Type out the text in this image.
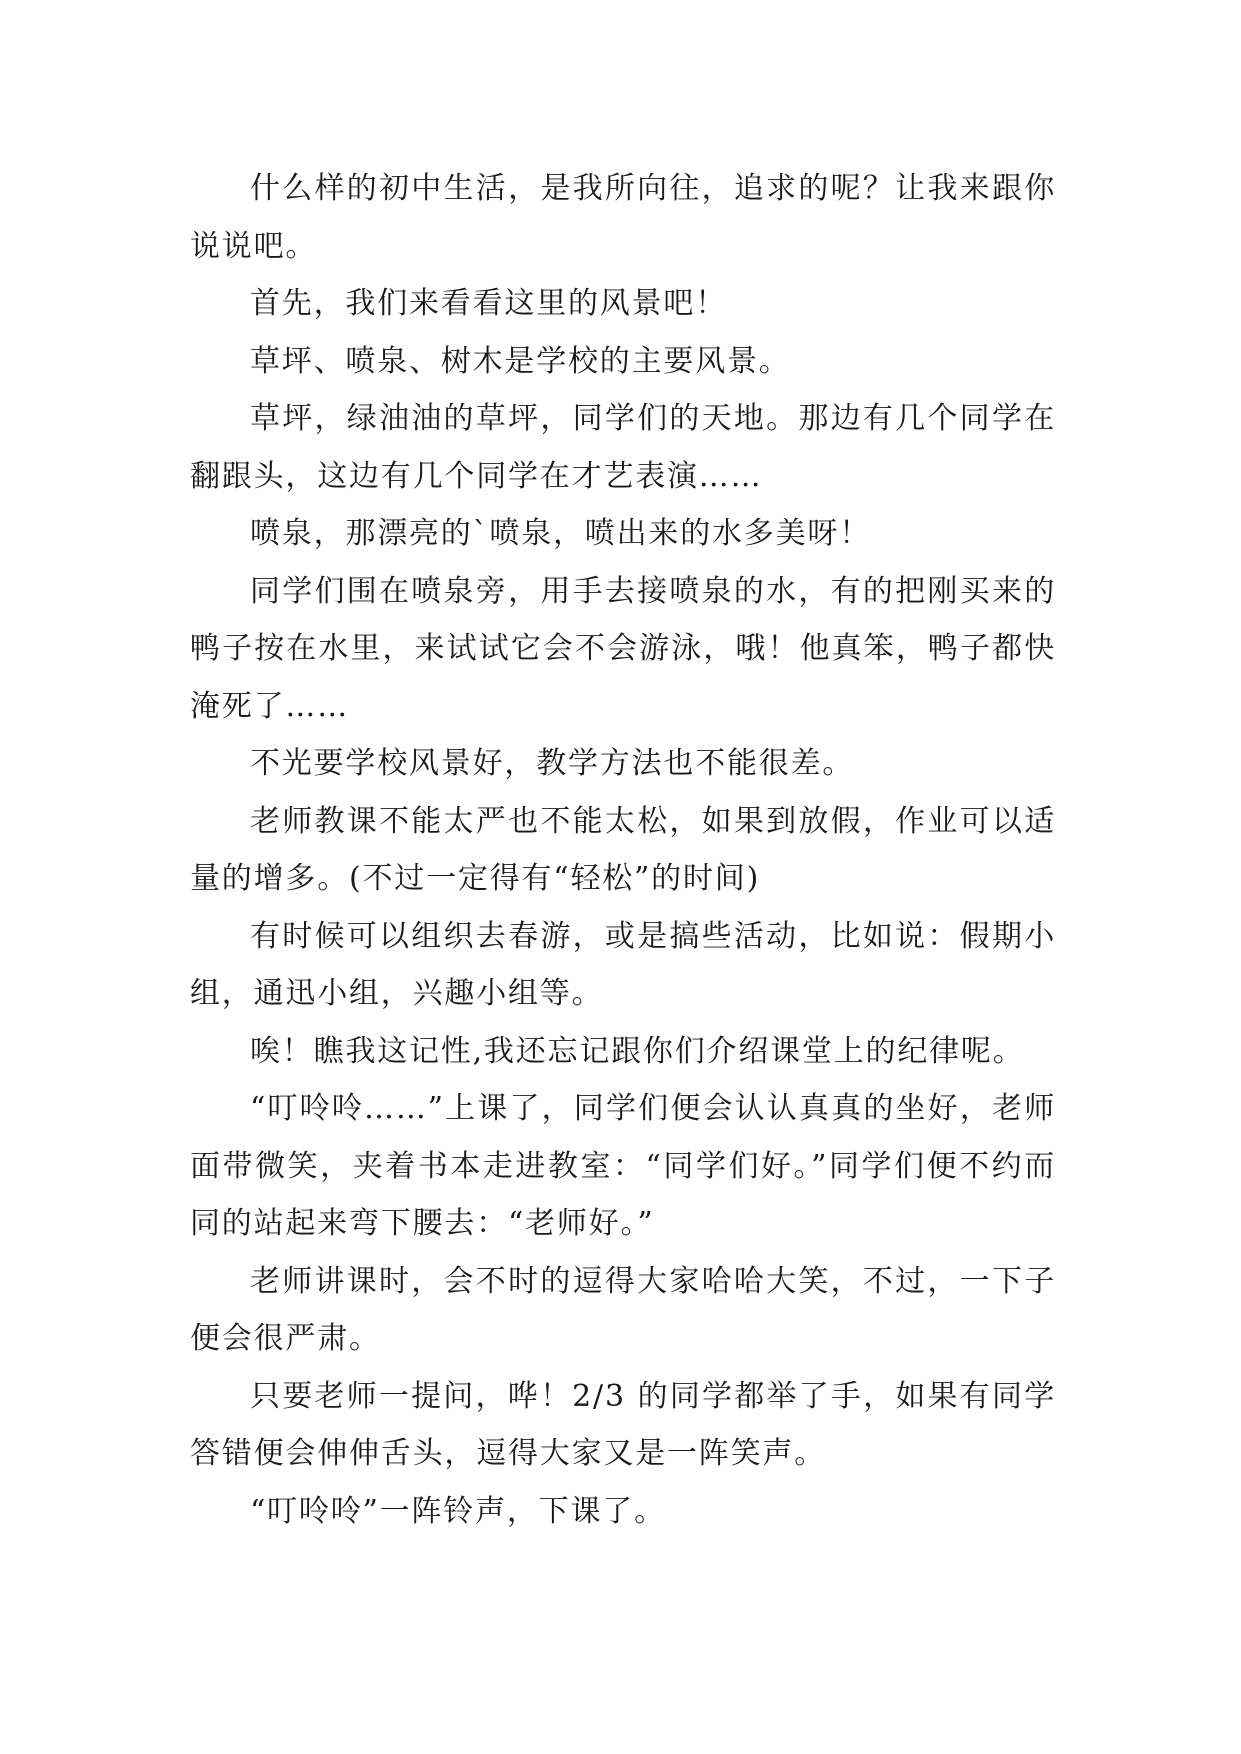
什么样的初中生活，是我所向往，追求的呢？让我来跟你说说吧。

首先，我们来看看这里的风景吧！

草坪、喷泉、树木是学校的主要风景。

草坪，绿油油的草坪，同学们的天地。那边有几个同学在翻跟头，这边有几个同学在才艺表演……

喷泉，那漂亮的`喷泉，喷出来的水多美呀！

同学们围在喷泉旁，用手去接喷泉的水，有的把刚买来的鸭子按在水里，来试试它会不会游泳，哦！他真笨，鸭子都快淹死了……

不光要学校风景好，教学方法也不能很差。

老师教课不能太严也不能太松，如果到放假，作业可以适量的增多。(不过一定得有“轻松”的时间)

有时候可以组织去春游，或是搞些活动，比如说：假期小组，通迅小组，兴趣小组等。

唉！瞧我这记性,我还忘记跟你们介绍课堂上的纪律呢。

“叮呤呤……”上课了，同学们便会认认真真的坐好，老师面带微笑，夹着书本走进教室：“同学们好。”同学们便不约而同的站起来弯下腰去：“老师好。”

老师讲课时，会不时的逗得大家哈哈大笑，不过，一下子便会很严肃。

只要老师一提问，哗！2/3 的同学都举了手，如果有同学答错便会伸伸舌头，逗得大家又是一阵笑声。

“叮呤呤”一阵铃声，下课了。
